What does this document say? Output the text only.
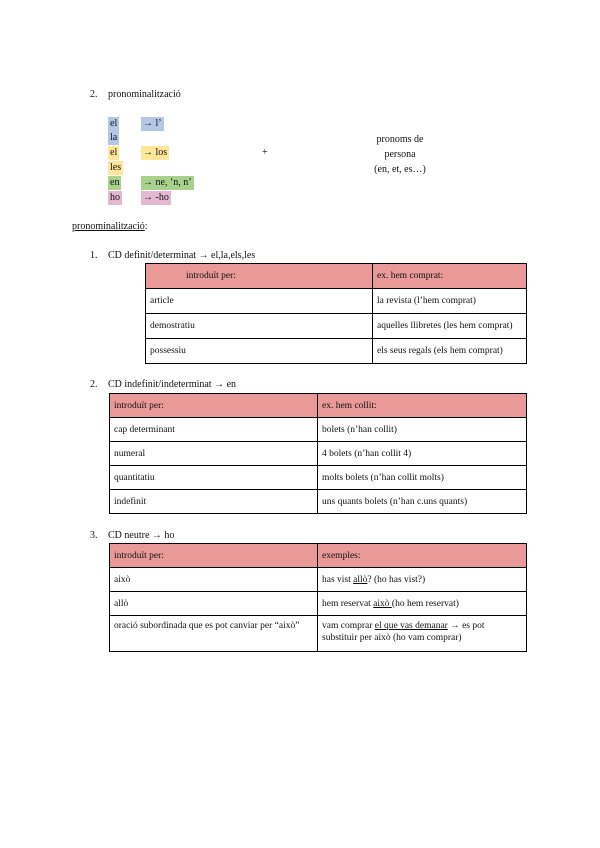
2. pronominalització
el	→ l’
la
el	→ los
les
en → ne, ‘n, n’
ho → -ho
+
pronoms de
persona
(en, et, es…)
pronominalització:
1. CD definit/determinat → el,la,els,les
introduït per:	ex. hem comprat:
article	la revista (l’hem comprat)
demostratiu	aquelles llibretes (les hem comprat)
possessiu	els seus regals (els hem comprat)
2. CD indefinit/indeterminat → en
introduït per:	ex. hem collit:
cap determinant	bolets (n’han collit)
numeral	4 bolets (n’han collit 4)
quantitatiu	molts bolets (n’han collit molts)
indefinit	uns quants bolets (n’han c.uns quants)
3. CD neutre → ho
introduït per:	exemples:
això	has vist allò? (ho has vist?)
allò	hem reservat això (ho hem reservat)
oració subordinada que es pot canviar per “això”	vam comprar el que vas demanar → es pot substituir per això (ho vam comprar)
